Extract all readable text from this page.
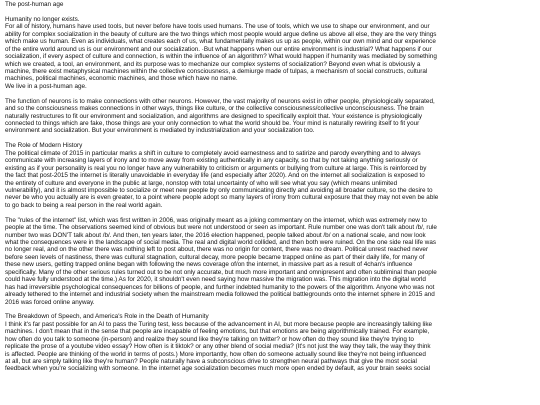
The post-human age
Humanity no longer exists.
For all of history, humans have used tools, but never before have tools used humans. The use of tools, which we use to shape our environment, and our
ability for complex socialization in the beauty of culture are the two things which most people would argue define us above all else, they are the very things
which make us human. Even as individuals, what creates each of us, what fundamentally makes us up as people, within our own mind and our experience
of the entire world around us is our environment and our socialization. ·But what happens when our entire environment is industrial? What happens if our
socialization, if every aspect of culture and connection, is within the influence of an algorithm? What would happen if humanity was mediated by something
which we created, a tool, an environment, and its purpose was to mechanize our complex systems of socialization? Beyond even what is obviously a
machine, there exist metaphysical machines within the collective consciousness, a demiurge made of tulpas, a mechanism of social constructs, cultural
machines, political machines, economic machines, and those which have no name.
We live in a post-human age.
The function of neurons is to make connections with other neurons. However, the vast majority of neurons exist in other people, physiologically separated,
and so the consciousness makes connections in other ways, things like culture, or the collective consciousness/collective unconsciousness. The brain
naturally restructures to fit our environment and socialization, and algorithms are designed to specifically exploit that. Your existence is physiologically
connected to things which are fake, those things are your only connection to what the world should be. Your mind is naturally rewiring itself to fit your
environment and socialization. But your environment is mediated by industrialization and your socialization too.
The Role of Modern History
The political climate of 2015 in particular marks a shift in culture to completely avoid earnestness and to satirize and parody everything and to always
communicate with increasing layers of irony and to move away from existing authentically in any capacity, so that by not taking anything seriously or
existing as if your personality is real you no longer have any vulnerability to criticism or arguments or bullying from culture at large. This is reinforced by
the fact that post-2015 the internet is literally unavoidable in everyday life (and especially after 2020). And on the internet all socialization is exposed to
the entirety of culture and everyone in the public at large, nonstop with total uncertainty of who will see what you say (which means unlimited
vulnerability), and it is almost impossible to socialize or meet new people by only communicating directly and avoiding all broader culture, so the desire to
never be who you actually are is even greater, to a point where people adopt so many layers of irony from cultural exposure that they may not even be able
to go back to being a real person in the real world again.
The "rules of the internet" list, which was first written in 2006, was originally meant as a joking commentary on the internet, which was extremely new to
people at the time. The observations seemed kind of obvious but were not understood or seen as important. Rule number one was don't talk about /b/, rule
number two was DON'T talk about /b/. And then, ten years later, the 2016 election happened, people talked about /b/ on a national scale, and now look
what the consequences were in the landscape of social media. The real and digital world collided, and then both were ruined. On the one side real life was
no longer real, and on the other there was nothing left to post about, there was no origin for content, there was no dream. Political unrest reached never
before seen levels of nastiness, there was cultural stagnation, cultural decay, more people became trapped online as part of their daily life, for many of
these new users, getting trapped online began with following the news coverage of/on the internet, in massive part as a result of 4chan's influence
specifically. Many of the other serious rules turned out to be not only accurate, but much more important and omnipresent and often subliminal than people
could have fully understood at the time.) As for 2020, it shouldn't even need saying how massive the migration was. This migration into the digital world
has had irreversible psychological consequences for billions of people, and further indebted humanity to the powers of the algorithm. Anyone who was not
already tethered to the internet and industrial society when the mainstream media followed the political battlegrounds onto the internet sphere in 2015 and
2016 was forced online anyway.
The Breakdown of Speech, and America's Role in the Death of Humanity
I think it's far past possible for an AI to pass the Turing test, less because of the advancement in AI, but more because people are increasingly talking like
machines. I don't mean that in the sense that people are incapable of feeling emotions, but that emotions are being algorithmically trained. For example,
how often do you talk to someone (in-person) and realize they sound like they're talking on twitter? or how often do they sound like they're trying to
replicate the prose of a youtube video essay? How often is it tiktok? or any other blend of social media? (It's not just the way they talk, the way they think
is affected. People are thinking of the world in terms of posts.) More importantly, how often do someone actually sound like they're not being influenced
at all, but are simply talking like they're human? People naturally have a subconscious drive to strengthen neural pathways that give the most social
feedback when you're socializing with someone. In the internet age socialization becomes much more open ended by default, as your brain seeks social
